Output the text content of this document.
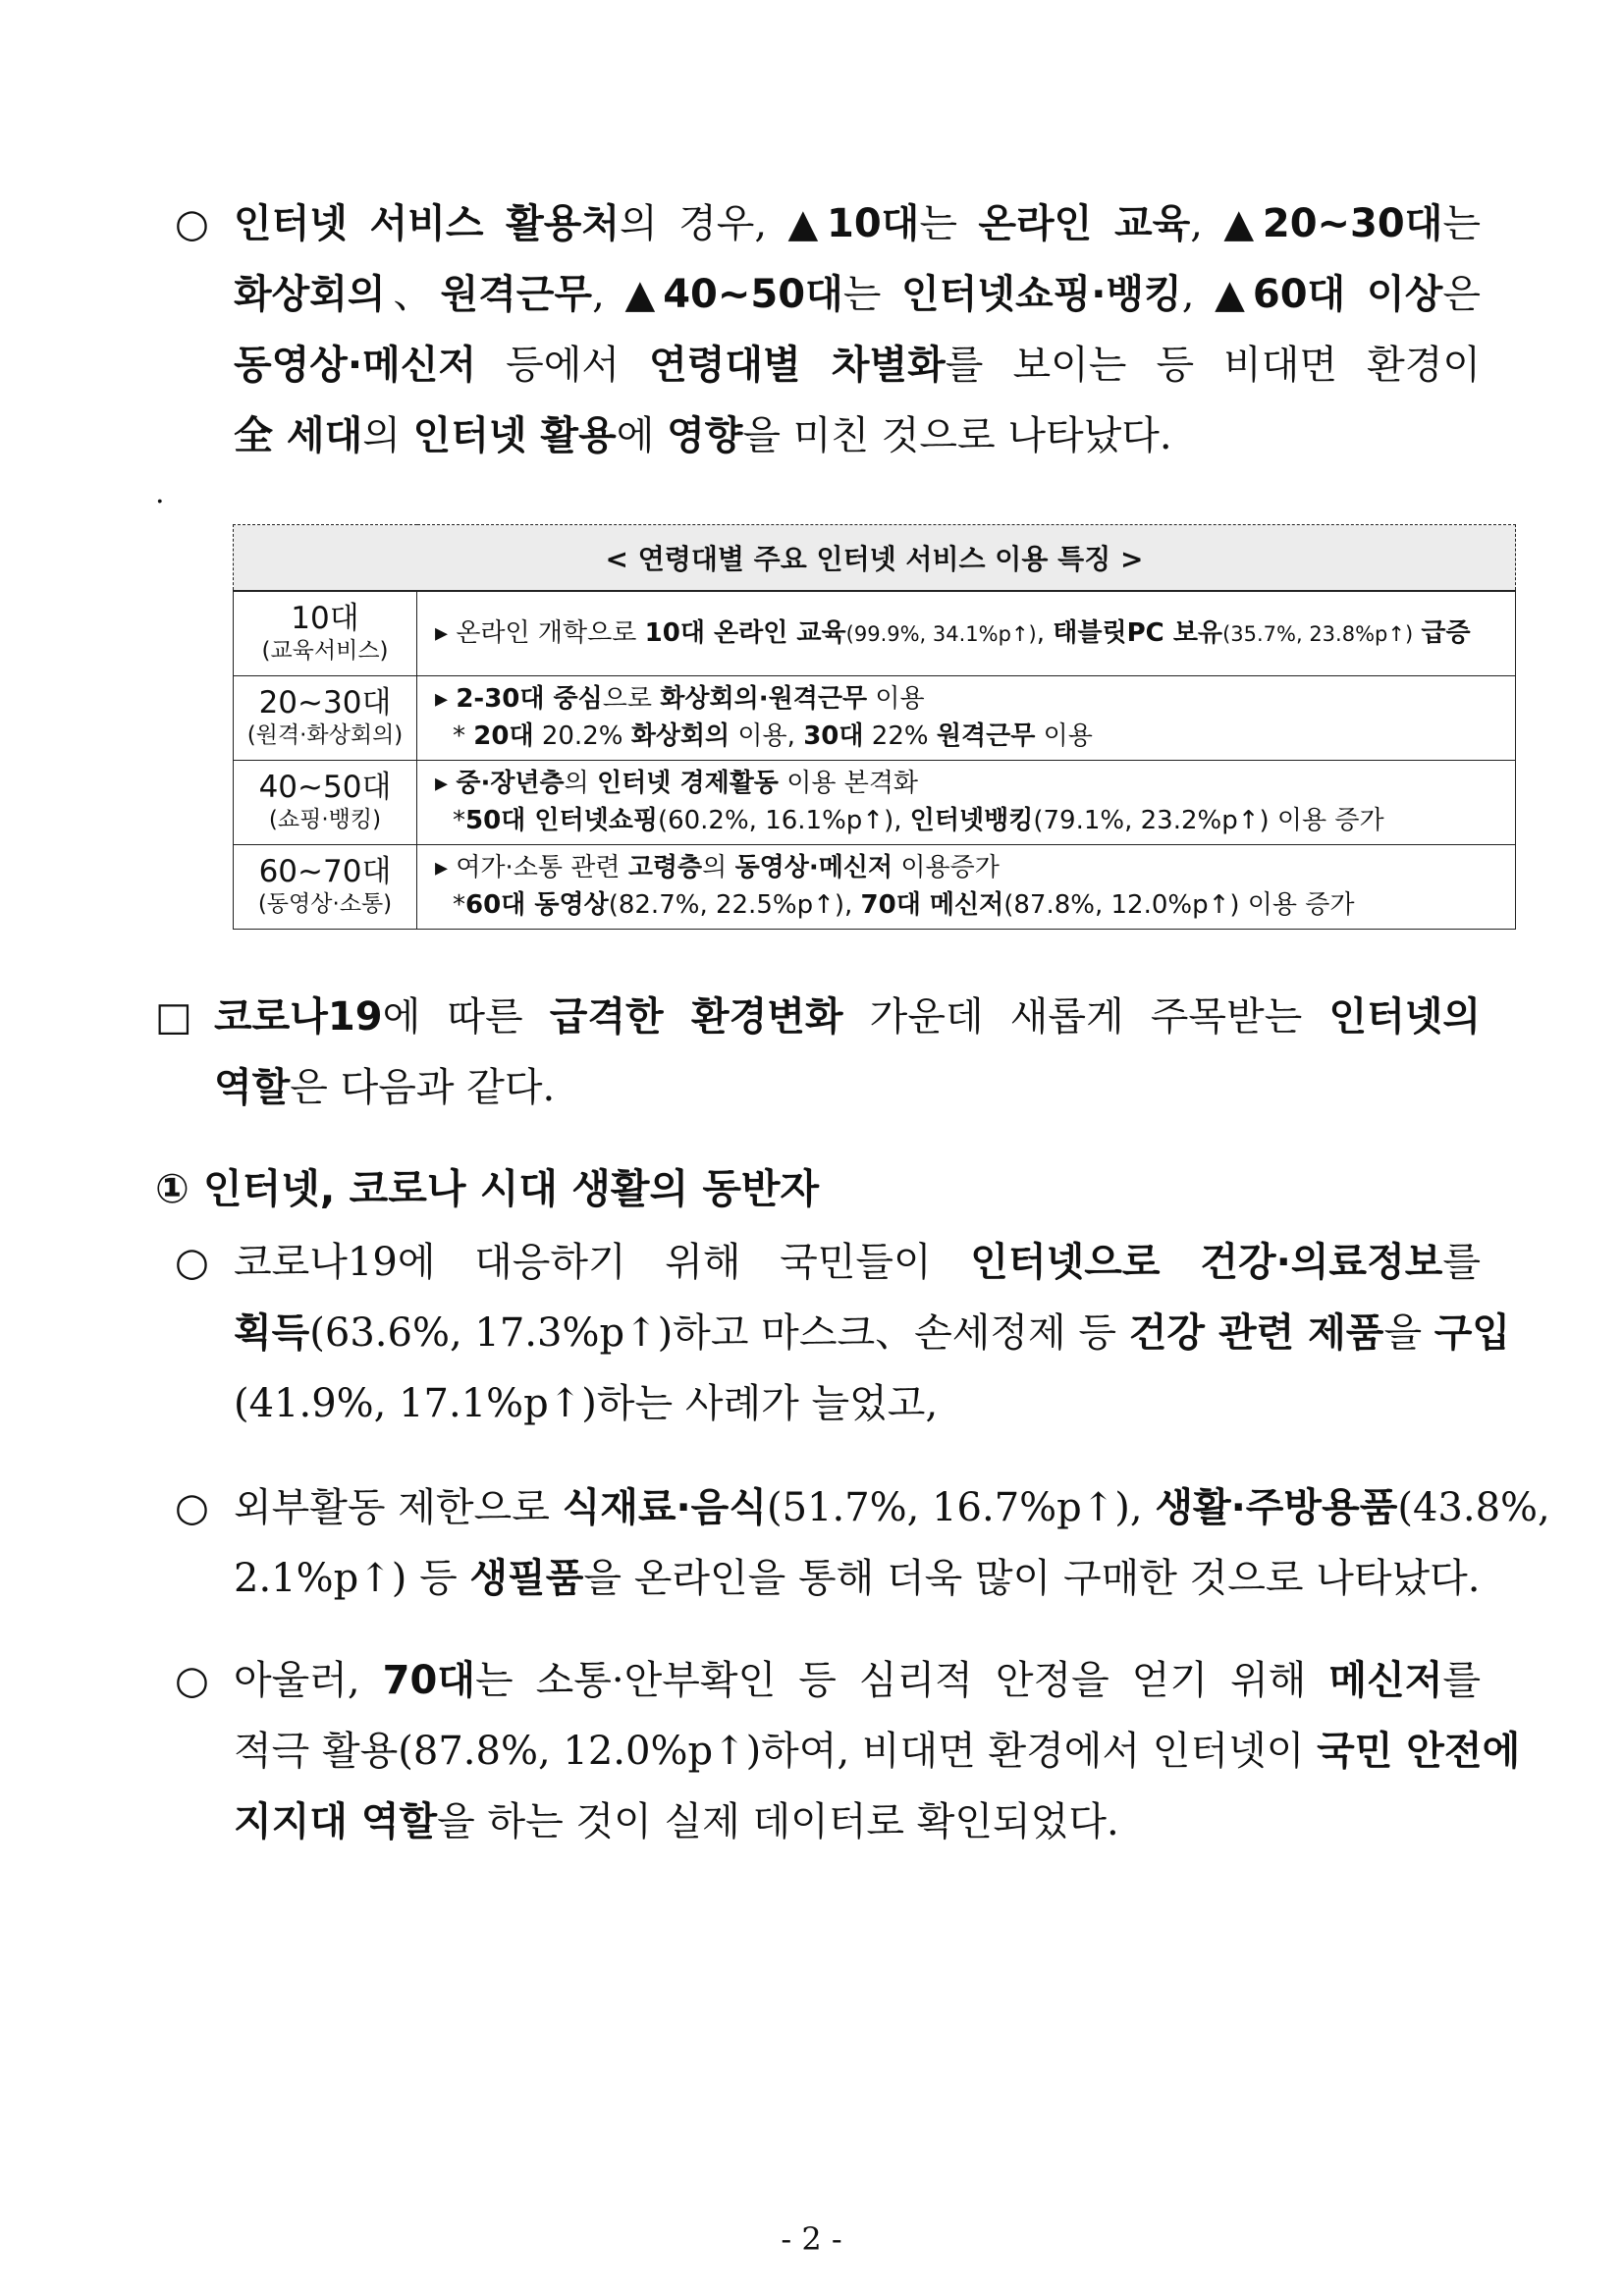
○ 인터넷 서비스 활용처의 경우, ▲10대는 온라인 교육, ▲20~30대는
화상회의、원격근무, ▲40~50대는 인터넷쇼핑·뱅킹, ▲60대 이상은
동영상·메신저 등에서 연령대별 차별화를 보이는 등 비대면 환경이
全 세대의 인터넷 활용에 영향을 미친 것으로 나타났다.
.
< 연령대별 주요 인터넷 서비스 이용 특징 >	

10대
(교육서비스)	▸ 온라인 개학으로 10대 온라인 교육(99.9%, 34.1%p↑), 태블릿PC 보유(35.7%, 23.8%p↑) 급증

20~30대
(원격·화상회의)	▸ 2-30대 중심으로 화상회의·원격근무 이용
* 20대 20.2% 화상회의 이용, 30대 22% 원격근무 이용

40~50대
(쇼핑·뱅킹)	▸ 중·장년층의 인터넷 경제활동 이용 본격화
*50대 인터넷쇼핑(60.2%, 16.1%p↑), 인터넷뱅킹(79.1%, 23.2%p↑) 이용 증가

60~70대
(동영상·소통)	▸ 여가·소통 관련 고령층의 동영상·메신저 이용증가
*60대 동영상(82.7%, 22.5%p↑), 70대 메신저(87.8%, 12.0%p↑) 이용 증가
□ 코로나19에 따른 급격한 환경변화 가운데 새롭게 주목받는 인터넷의
역할은 다음과 같다.
① 인터넷, 코로나 시대 생활의 동반자
○ 코로나19에 대응하기 위해 국민들이 인터넷으로 건강·의료정보를
획득(63.6%, 17.3%p↑)하고 마스크、손세정제 등 건강 관련 제품을 구입
(41.9%, 17.1%p↑)하는 사례가 늘었고,
○ 외부활동 제한으로 식재료·음식(51.7%, 16.7%p↑), 생활·주방용품(43.8%,
2.1%p↑) 등 생필품을 온라인을 통해 더욱 많이 구매한 것으로 나타났다.
○ 아울러, 70대는 소통·안부확인 등 심리적 안정을 얻기 위해 메신저를
적극 활용(87.8%, 12.0%p↑)하여, 비대면 환경에서 인터넷이 국민 안전에
지지대 역할을 하는 것이 실제 데이터로 확인되었다.
- 2 -
